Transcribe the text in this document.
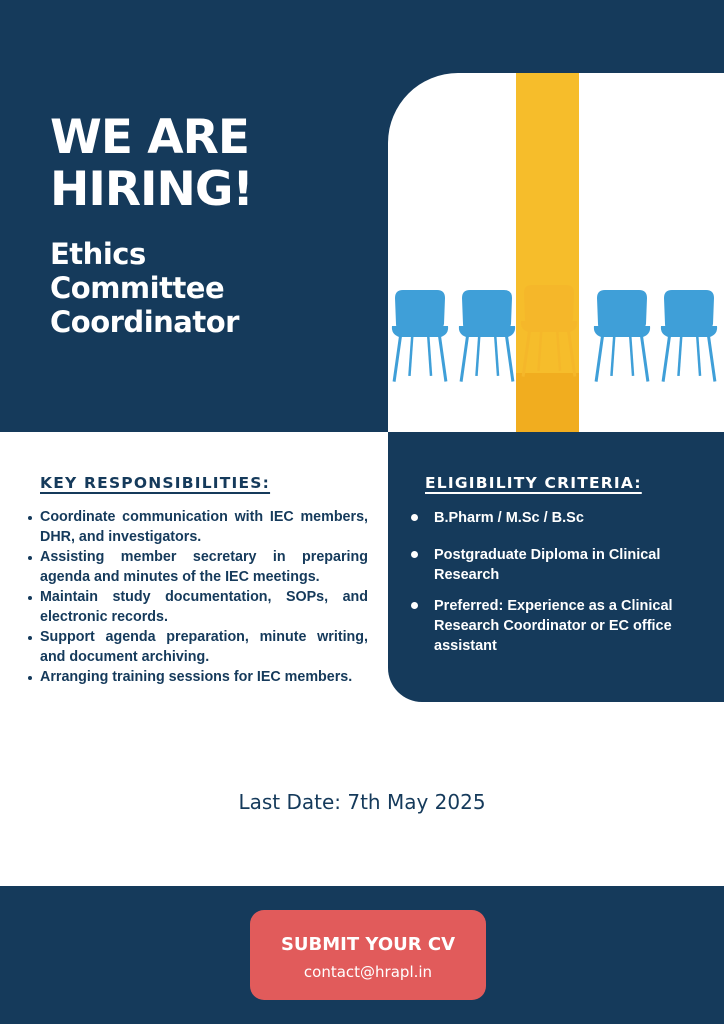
WE ARE
HIRING!
Ethics
Committee
Coordinator
KEY RESPONSIBILITIES:
Coordinate communication with IEC members, DHR, and investigators.
Assisting member secretary in preparing agenda and minutes of the IEC meetings.
Maintain study documentation, SOPs, and electronic records.
Support agenda preparation, minute writing, and document archiving.
Arranging training sessions for IEC members.
ELIGIBILITY CRITERIA:
B.Pharm / M.Sc / B.Sc
Postgraduate Diploma in Clinical Research
Preferred: Experience as a Clinical Research Coordinator or EC office assistant

Last Date: 7th May 2025

SUBMIT YOUR CV
contact@hrapl.in
